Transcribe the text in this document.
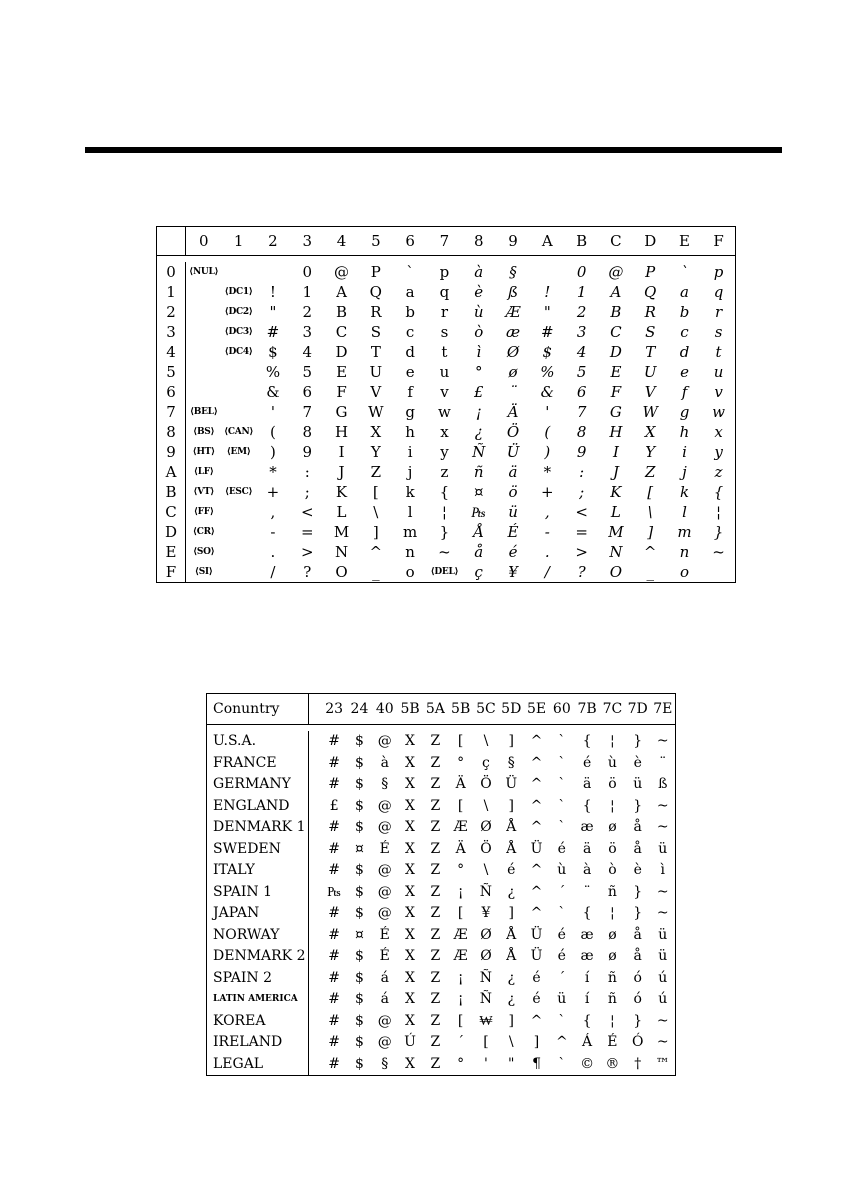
	0	1	2	3	4	5	6	7	8	9	A	B	C	D	E	F

0	⟨NUL⟩			0	@	P	`	p	à	§		0	@	P	`	p
1		⟨DC1⟩	!	1	A	Q	a	q	è	ß	!	1	A	Q	a	q
2		⟨DC2⟩	"	2	B	R	b	r	ù	Æ	"	2	B	R	b	r
3		⟨DC3⟩	#	3	C	S	c	s	ò	æ	#	3	C	S	c	s
4		⟨DC4⟩	$	4	D	T	d	t	ì	Ø	$	4	D	T	d	t
5			%	5	E	U	e	u	°	ø	%	5	E	U	e	u
6			&	6	F	V	f	v	£	¨	&	6	F	V	f	v
7	⟨BEL⟩		'	7	G	W	g	w	¡	Ä	'	7	G	W	g	w
8	⟨BS⟩	⟨CAN⟩	(	8	H	X	h	x	¿	Ö	(	8	H	X	h	x
9	⟨HT⟩	⟨EM⟩	)	9	I	Y	i	y	Ñ	Ü	)	9	I	Y	i	y
A	⟨LF⟩		*	:	J	Z	j	z	ñ	ä	*	:	J	Z	j	z
B	⟨VT⟩	⟨ESC⟩	+	;	K	[	k	{	¤	ö	+	;	K	[	k	{
C	⟨FF⟩		,	<	L	\	l	¦	₧	ü	,	<	L	\	l	¦
D	⟨CR⟩		-	=	M	]	m	}	Å	É	-	=	M	]	m	}
E	⟨SO⟩		.	>	N	^	n	~	å	é	.	>	N	^	n	~
F	⟨SI⟩		/	?	O	_	o	⟨DEL⟩	ç	¥	/	?	O	_	o	
Conuntry		23	24	40	5B	5A	5B	5C	5D	5E	60	7B	7C	7D	7E

U.S.A.		#	$	@	X	Z	[	\	]	^	`	{	¦	}	~
FRANCE		#	$	à	X	Z	°	ç	§	^	`	é	ù	è	¨
GERMANY		#	$	§	X	Z	Ä	Ö	Ü	^	`	ä	ö	ü	ß
ENGLAND		£	$	@	X	Z	[	\	]	^	`	{	¦	}	~
DENMARK 1		#	$	@	X	Z	Æ	Ø	Å	^	`	æ	ø	å	~
SWEDEN		#	¤	É	X	Z	Ä	Ö	Å	Ü	é	ä	ö	å	ü
ITALY		#	$	@	X	Z	°	\	é	^	ù	à	ò	è	ì
SPAIN 1		₧	$	@	X	Z	¡	Ñ	¿	^	´	¨	ñ	}	~
JAPAN		#	$	@	X	Z	[	¥	]	^	`	{	¦	}	~
NORWAY		#	¤	É	X	Z	Æ	Ø	Å	Ü	é	æ	ø	å	ü
DENMARK 2		#	$	É	X	Z	Æ	Ø	Å	Ü	é	æ	ø	å	ü
SPAIN 2		#	$	á	X	Z	¡	Ñ	¿	é	´	í	ñ	ó	ú
LATIN AMERICA		#	$	á	X	Z	¡	Ñ	¿	é	ü	í	ñ	ó	ú
KOREA		#	$	@	X	Z	[	₩	]	^	`	{	¦	}	~
IRELAND		#	$	@	Ú	Z	´	[	\	]	^	Á	É	Ó	~
LEGAL		#	$	§	X	Z	°	'	"	¶	`	©	®	†	™
